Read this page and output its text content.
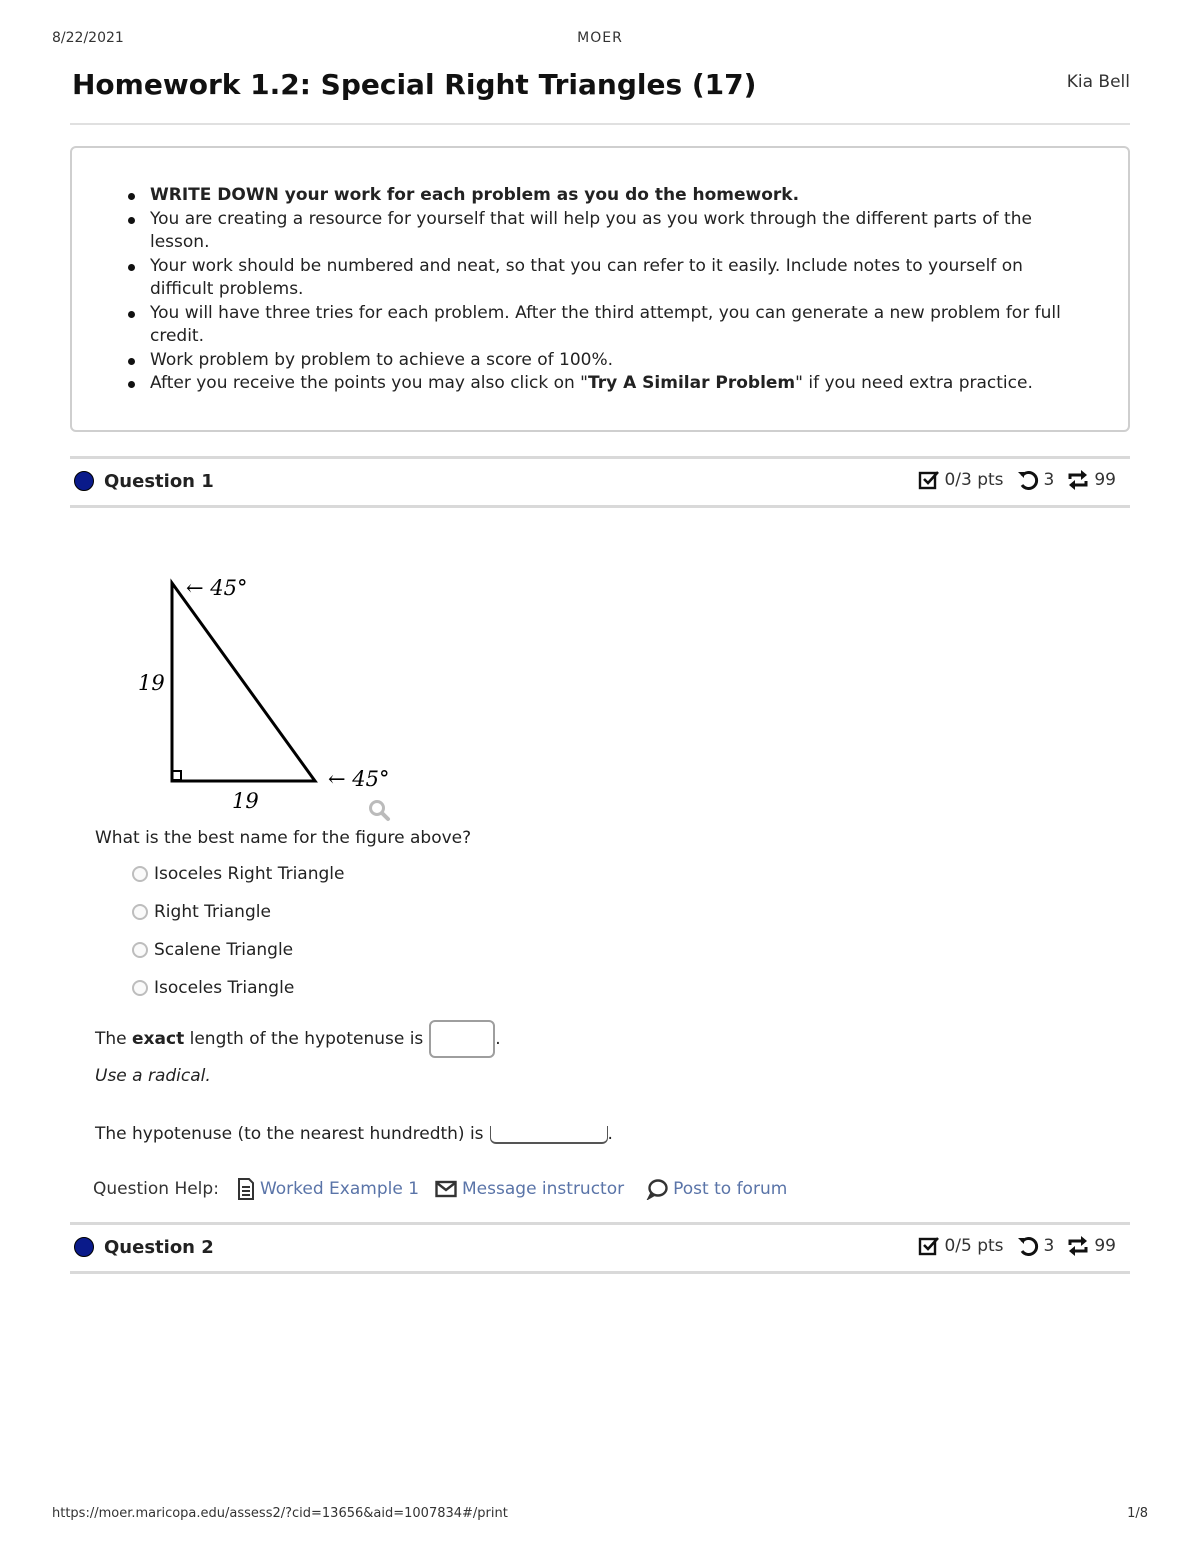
8/22/2021	MOER
Homework 1.2: Special Right Triangles (17)	Kia Bell
WRITE DOWN your work for each problem as you do the homework.
You are creating a resource for yourself that will help you as you work through the different parts of the lesson.
Your work should be numbered and neat, so that you can refer to it easily. Include notes to yourself on difficult problems.
You will have three tries for each problem. After the third attempt, you can generate a new problem for full credit.
Work problem by problem to achieve a score of 100%.
After you receive the points you may also click on "Try A Similar Problem" if you need extra practice.
Question 1	0/3 pts 3 99
← 45°
← 45°
19
19
What is the best name for the figure above?
Isoceles Right Triangle
Right Triangle
Scalene Triangle
Isoceles Triangle
The exact length of the hypotenuse is	.
Use a radical.
The hypotenuse (to the nearest hundredth) is	.
Question Help: Worked Example 1	Message instructor	Post to forum
Question 2	0/5 pts 3 99
https://moer.maricopa.edu/assess2/?cid=13656&aid=1007834#/print	1/8
